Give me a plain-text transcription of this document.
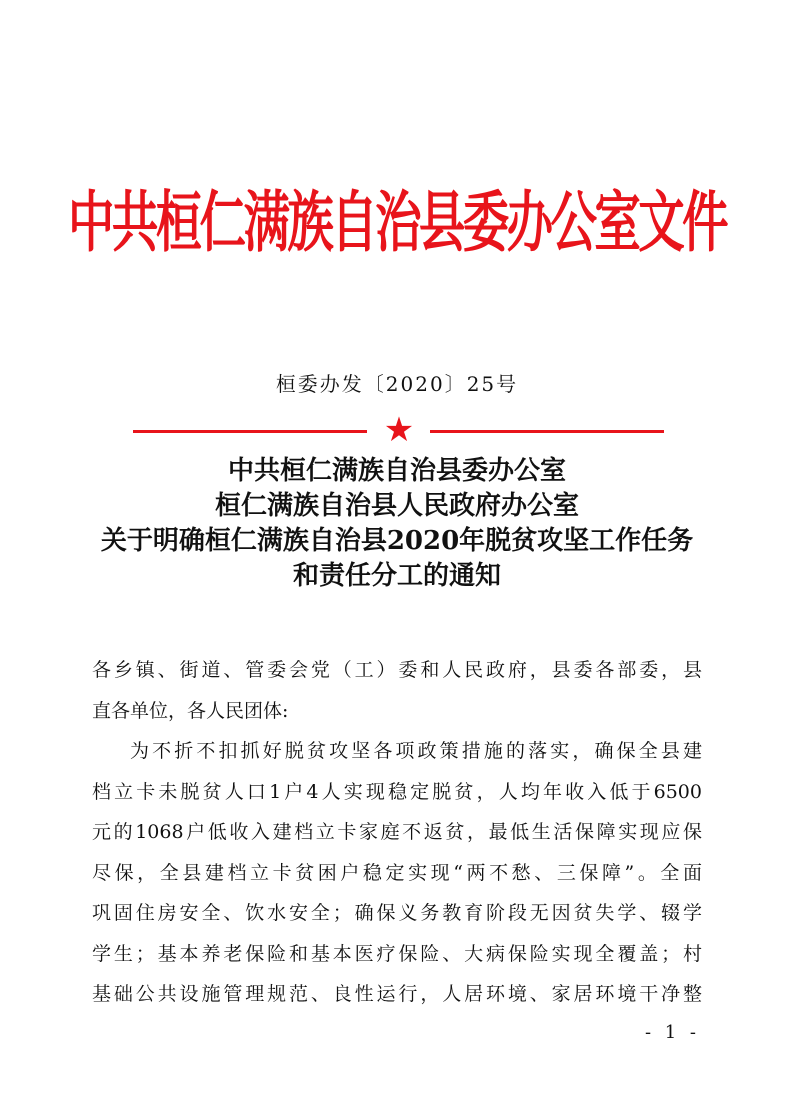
中共桓仁满族自治县委办公室文件
桓委办发〔2020〕25号
★
中共桓仁满族自治县委办公室
桓仁满族自治县人民政府办公室
关于明确桓仁满族自治县2020年脱贫攻坚工作任务
和责任分工的通知
各乡镇、街道、管委会党（工）委和人民政府，县委各部委，县
直各单位，各人民团体:
为不折不扣抓好脱贫攻坚各项政策措施的落实，确保全县建
档立卡未脱贫人口1户4人实现稳定脱贫，人均年收入低于6500
元的1068户低收入建档立卡家庭不返贫，最低生活保障实现应保
尽保，全县建档立卡贫困户稳定实现“两不愁、三保障”。全面
巩固住房安全、饮水安全；确保义务教育阶段无因贫失学、辍学
学生；基本养老保险和基本医疗保险、大病保险实现全覆盖；村
基础公共设施管理规范、良性运行，人居环境、家居环境干净整
- 1 -
